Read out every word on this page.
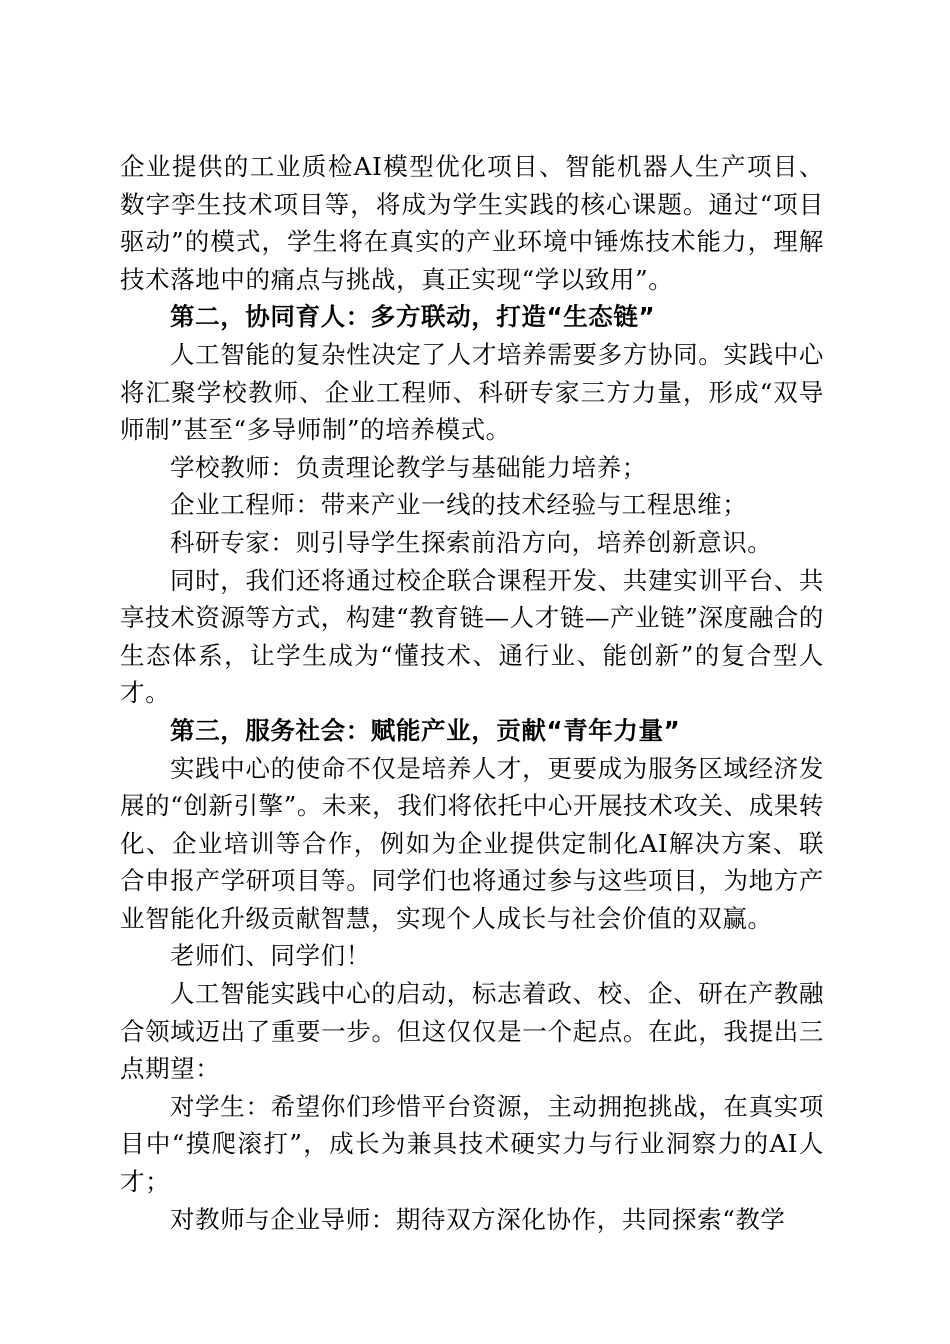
企业提供的工业质检AI模型优化项目、智能机器人生产项目、数字孪生技术项目等，将成为学生实践的核心课题。通过“项目驱动”的模式，学生将在真实的产业环境中锤炼技术能力，理解技术落地中的痛点与挑战，真正实现“学以致用”。

第二，协同育人：多方联动，打造“生态链”

人工智能的复杂性决定了人才培养需要多方协同。实践中心将汇聚学校教师、企业工程师、科研专家三方力量，形成“双导师制”甚至“多导师制”的培养模式。

学校教师：负责理论教学与基础能力培养；

企业工程师：带来产业一线的技术经验与工程思维；

科研专家：则引导学生探索前沿方向，培养创新意识。

同时，我们还将通过校企联合课程开发、共建实训平台、共享技术资源等方式，构建“教育链—人才链—产业链”深度融合的生态体系，让学生成为“懂技术、通行业、能创新”的复合型人才。

第三，服务社会：赋能产业，贡献“青年力量”

实践中心的使命不仅是培养人才，更要成为服务区域经济发展的“创新引擎”。未来，我们将依托中心开展技术攻关、成果转化、企业培训等合作，例如为企业提供定制化AI解决方案、联合申报产学研项目等。同学们也将通过参与这些项目，为地方产业智能化升级贡献智慧，实现个人成长与社会价值的双赢。

老师们、同学们！

人工智能实践中心的启动，标志着政、校、企、研在产教融合领域迈出了重要一步。但这仅仅是一个起点。在此，我提出三点期望：

对学生：希望你们珍惜平台资源，主动拥抱挑战，在真实项目中“摸爬滚打”，成长为兼具技术硬实力与行业洞察力的AI人才；

对教师与企业导师：期待双方深化协作，共同探索“教学
